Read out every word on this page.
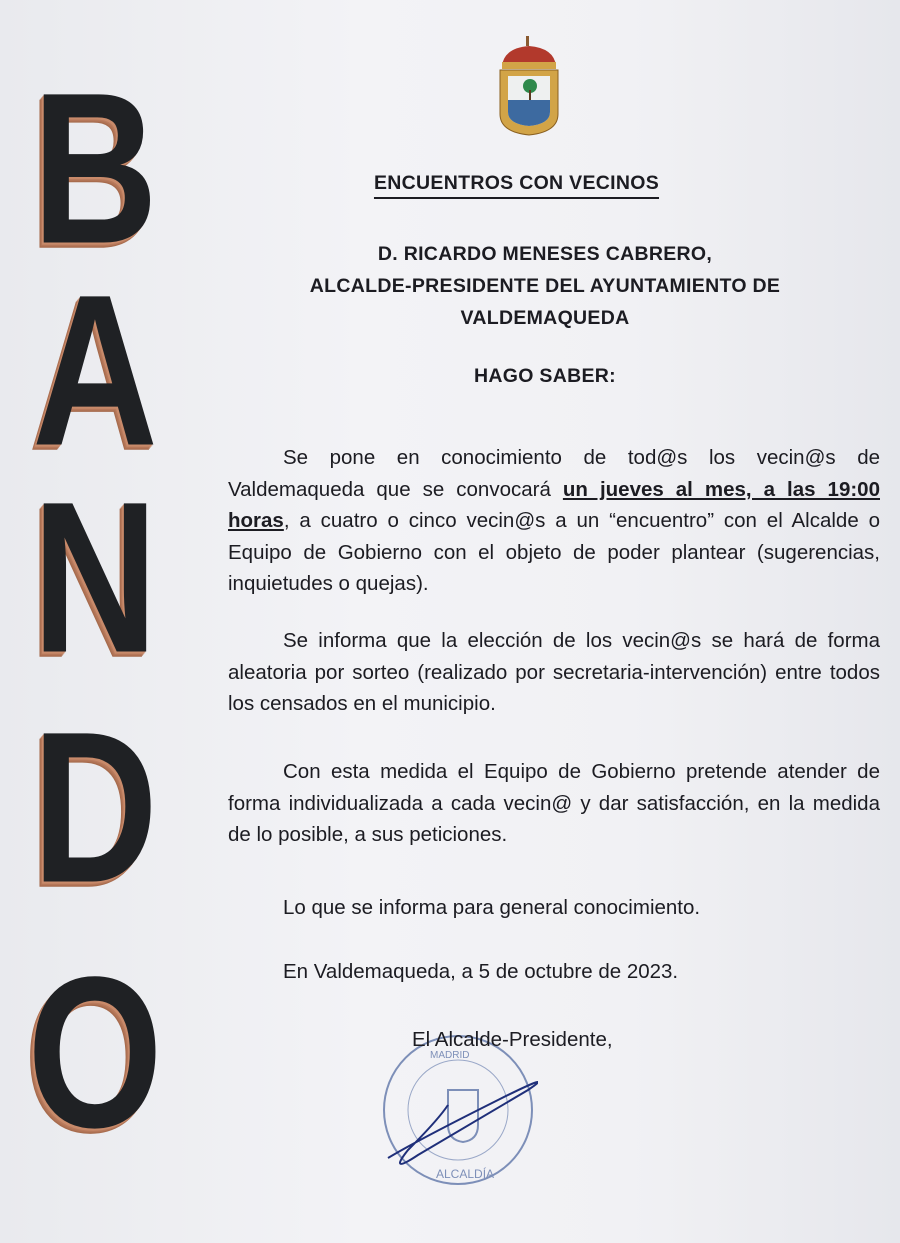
B
A
N
D
O
ENCUENTROS CON VECINOS
D. RICARDO MENESES CABRERO,
ALCALDE-PRESIDENTE DEL AYUNTAMIENTO DE
VALDEMAQUEDA
HAGO SABER:
Se pone en conocimiento de tod@s los vecin@s de Valdemaqueda que se convocará un jueves al mes, a las 19:00 horas, a cuatro o cinco vecin@s a un “encuentro” con el Alcalde o Equipo de Gobierno con el objeto de poder plantear (sugerencias, inquietudes o quejas).
Se informa que la elección de los vecin@s se hará de forma aleatoria por sorteo (realizado por secretaria-intervención) entre todos los censados en el municipio.
Con esta medida el Equipo de Gobierno pretende atender de forma individualizada a cada vecin@ y dar satisfacción, en la medida de lo posible, a sus peticiones.
Lo que se informa para general conocimiento.
En Valdemaqueda, a 5 de octubre de 2023.
ALCALDÍA
MADRID
El Alcalde-Presidente,
